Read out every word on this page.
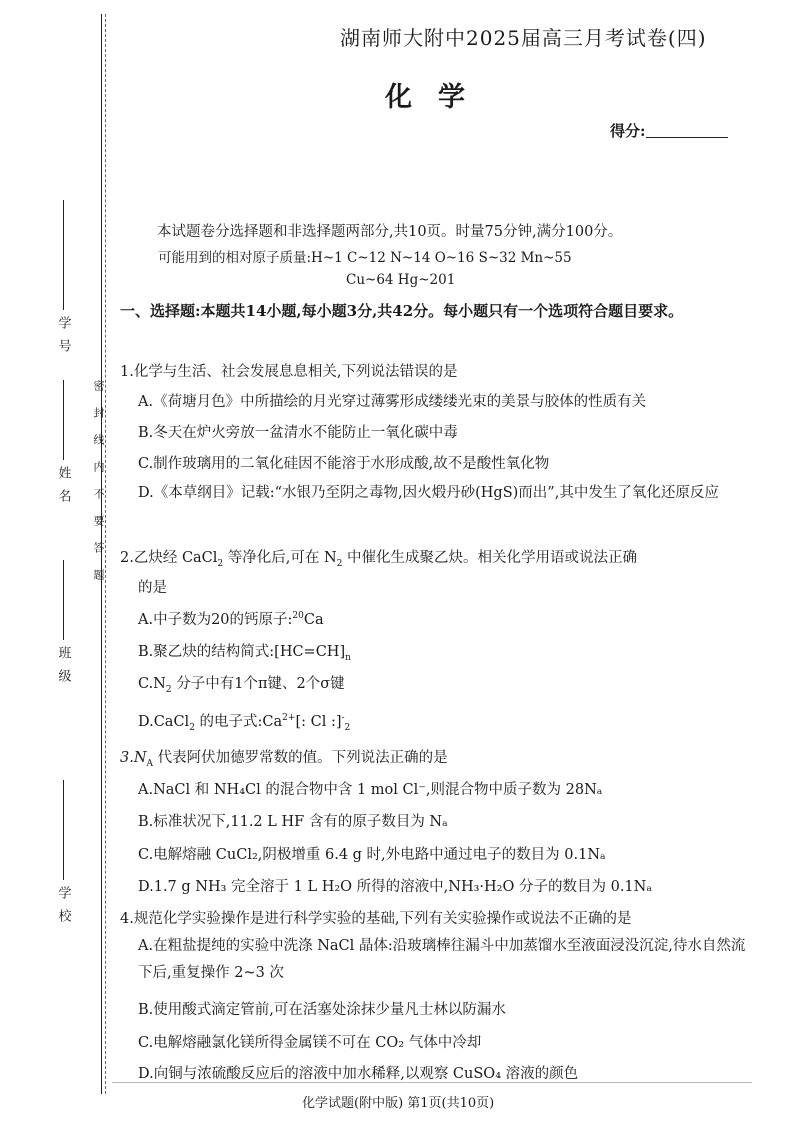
学号
姓名
班级
学校
密封线内不要答题
湖南师大附中2025届高三月考试卷(四)
化学
得分:
本试题卷分选择题和非选择题两部分,共10页。时量75分钟,满分100分。
可能用到的相对原子质量:H~1 C~12 N~14 O~16 S~32 Mn~55
Cu~64 Hg~201
一、选择题:本题共14小题,每小题3分,共42分。每小题只有一个选项符合题目要求。
1.化学与生活、社会发展息息相关,下列说法错误的是
A.《荷塘月色》中所描绘的月光穿过薄雾形成缕缕光束的美景与胶体的性质有关
B.冬天在炉火旁放一盆清水不能防止一氧化碳中毒
C.制作玻璃用的二氧化硅因不能溶于水形成酸,故不是酸性氧化物
D.《本草纲目》记载:“水银乃至阴之毒物,因火煅丹砂(HgS)而出”,其中发生了氧化还原反应
2.乙炔经 CaCl$_2$ 等净化后,可在 $N_2$ 中催化生成聚乙炔。相关化学用语或说法正确
的是
A.中子数为20的钙原子:$^{20}$Ca
B.聚乙炔的结构简式$:[HC=CH]_n$
$C.N_2$ 分子中有1个π键、2个σ键
D.CaCl$_2$ 的电子式$:Ca^{2+}$[: Cl $:]^-_2$
$3.N_A$ 代表阿伏加德罗常数的值。下列说法正确的是
A.NaCl 和 NH₄Cl 的混合物中含 1 mol Cl⁻,则混合物中质子数为 28Nₐ
B.标准状况下,11.2 L HF 含有的原子数目为 Nₐ
C.电解熔融 CuCl₂,阴极增重 6.4 g 时,外电路中通过电子的数目为 0.1Nₐ
D.1.7 g NH₃ 完全溶于 1 L H₂O 所得的溶液中,NH₃·H₂O 分子的数目为 0.1Nₐ
4.规范化学实验操作是进行科学实验的基础,下列有关实验操作或说法不正确的是
A.在粗盐提纯的实验中洗涤 NaCl 晶体:沿玻璃棒往漏斗中加蒸馏水至液面浸没沉淀,待水自然流下后,重复操作 2~3 次
B.使用酸式滴定管前,可在活塞处涂抹少量凡士林以防漏水
C.电解熔融氯化镁所得金属镁不可在 CO₂ 气体中冷却
D.向铜与浓硫酸反应后的溶液中加水稀释,以观察 CuSO₄ 溶液的颜色
化学试题(附中版) 第1页(共10页)
